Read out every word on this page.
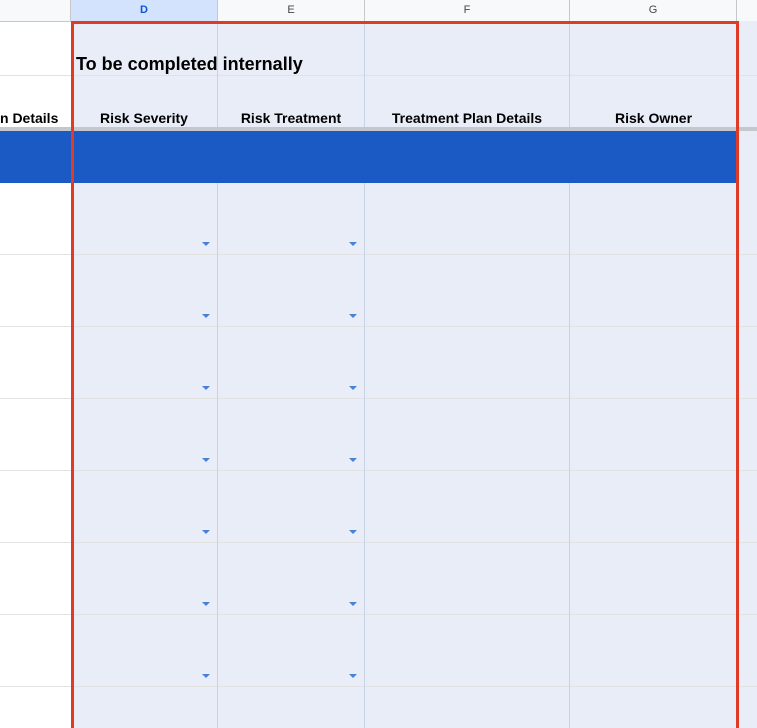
D	E	F	G
To be completed internally
n Details	Risk Severity	Risk Treatment	Treatment Plan Details	Risk Owner
